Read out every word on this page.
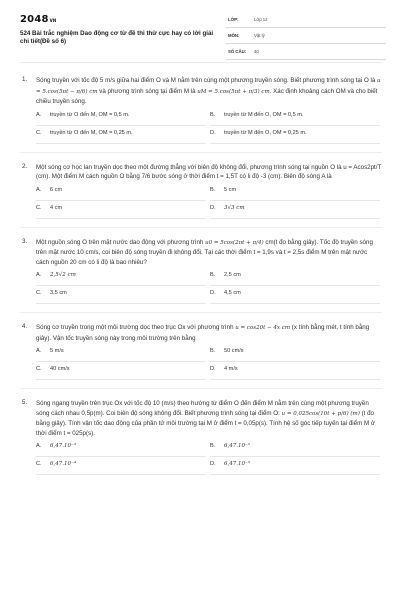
2048VN
524 Bài trắc nghiệm Dao động cơ từ đề thi thử cực hay có lời giải chi tiết(Đề số 6)
LỚP:	Lớp 12
MÔN:	Vật lý
SỐ CÂU: 40
1. Sóng truyền với tốc độ 5 m/s giữa hai điểm O và M nằm trên cùng một phương truyền sóng. Biết phương trình sóng tại O là u = 5.cos(5πt − π/6) cm và phương trình sóng tại điểm M là uM = 5.cos(5πt + π/3) cm. Xác định khoảng cách OM và cho biết chiều truyền sóng.
A. truyền từ O đến M, OM = 0,5 m.	B. truyền từ M đến O, OM = 0,5 m.
C. truyền từ O đến M, OM = 0,25 m.	D. truyền từ M đến O, OM = 0,25 m.
2. Một sóng cơ học lan truyền dọc theo một đường thẳng với biên độ không đổi, phương trình sóng tại nguồn O là u = Acos2pt/T (cm). Một điểm M cách nguồn O bằng 7/6 bước sóng ở thời điểm t = 1,5T có li độ -3 (cm). Biên độ sóng A là
A. 6 cm	B. 5 cm
C. 4 cm	D. 3√3 cm
3. Một nguồn sóng O trên mặt nước dao động với phương trình u0 = 5cos(2πt + π/4) cm(t đo bằng giây). Tốc độ truyền sóng trên mặt nước 10 cm/s, coi biên độ sóng truyền đi không đổi. Tại các thời điểm t = 1,9s và t = 2,5s điểm M trên mặt nước cách nguồn 20 cm có li độ là bao nhiêu?
A. 2,5√2 cm	B. 2,5 cm
C. 3,5 cm	D. 4,5 cm
4. Sóng cơ truyền trong một môi trường dọc theo trục Ox với phương trình u = cos20t − 4x cm (x tính bằng mét, t tính bằng giây). Vận tốc truyền sóng này trong môi trường trên bằng
A. 5 m/s	B. 50 cm/s
C. 40 cm/s	D. 4 m/s
5. Sóng ngang truyền trên trục Ox với tốc độ 10 (m/s) theo hướng từ điểm O đến điểm M nằm trên cùng một phương truyền sóng cách nhau 0,5p(m). Coi biên độ sóng không đổi. Biết phương trình sóng tại điểm O: u = 0,025cos(10t + p/6) (m) (t đo bằng giây). Tính vận tốc dao động của phần tử môi trường tại M ở điểm t = 0,05p(s). Tính hệ số góc tiếp tuyến tại điểm M ở thời điểm t = 025p(s).
A. 6,47.10⁻³	B. 6,47.10⁻²
C. 6,47.10⁻⁴	D. 6,47.10⁻⁵
